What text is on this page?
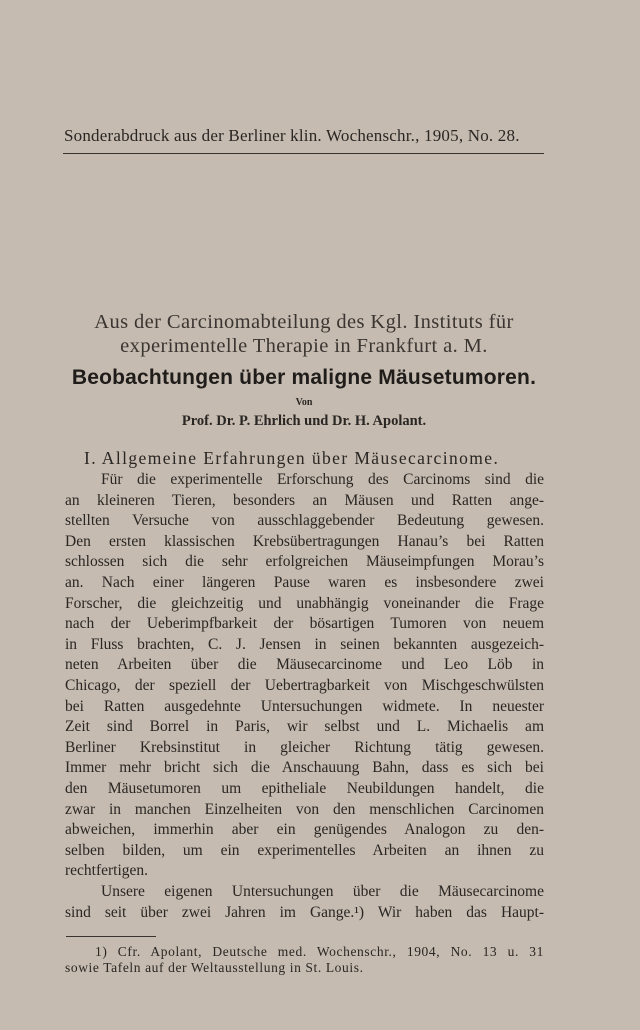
Sonderabdruck aus der Berliner klin. Wochenschr., 1905, No. 28.
Aus der Carcinomabteilung des Kgl. Instituts für
experimentelle Therapie in Frankfurt a. M.
Beobachtungen über maligne Mäusetumoren.
Von
Prof. Dr. P. Ehrlich und Dr. H. Apolant.
I. Allgemeine Erfahrungen über Mäusecarcinome.
Für die experimentelle Erforschung des Carcinoms sind die
an kleineren Tieren, besonders an Mäusen und Ratten ange-
stellten Versuche von ausschlaggebender Bedeutung gewesen.
Den ersten klassischen Krebsübertragungen Hanau’s bei Ratten
schlossen sich die sehr erfolgreichen Mäuseimpfungen Morau’s
an. Nach einer längeren Pause waren es insbesondere zwei
Forscher, die gleichzeitig und unabhängig voneinander die Frage
nach der Ueberimpfbarkeit der bösartigen Tumoren von neuem
in Fluss brachten, C. J. Jensen in seinen bekannten ausgezeich-
neten Arbeiten über die Mäusecarcinome und Leo Löb in
Chicago, der speziell der Uebertragbarkeit von Mischgeschwülsten
bei Ratten ausgedehnte Untersuchungen widmete. In neuester
Zeit sind Borrel in Paris, wir selbst und L. Michaelis am
Berliner Krebsinstitut in gleicher Richtung tätig gewesen.
Immer mehr bricht sich die Anschauung Bahn, dass es sich bei
den Mäusetumoren um epitheliale Neubildungen handelt, die
zwar in manchen Einzelheiten von den menschlichen Carcinomen
abweichen, immerhin aber ein genügendes Analogon zu den-
selben bilden, um ein experimentelles Arbeiten an ihnen zu
rechtfertigen.
Unsere eigenen Untersuchungen über die Mäusecarcinome
sind seit über zwei Jahren im Gange.¹) Wir haben das Haupt-
1) Cfr. Apolant, Deutsche med. Wochenschr., 1904, No. 13 u. 31
sowie Tafeln auf der Weltausstellung in St. Louis.
